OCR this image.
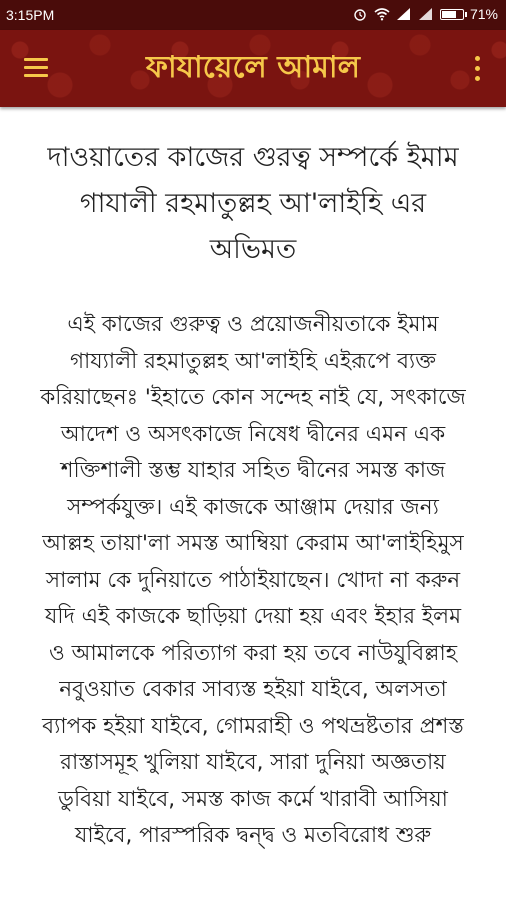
3:15PM	71%
ফাযায়েলে আমাল
দাওয়াতের কাজের গুরত্ব সম্পর্কে ইমাম গাযালী রহমাতুল্লহ আ'লাইহি এর অভিমত

এই কাজের গুরুত্ব ও প্রয়োজনীয়তাকে ইমাম গায্যালী রহমাতুল্লহ আ'লাইহি এইরূপে ব্যক্ত করিয়াছেনঃ 'ইহাতে কোন সন্দেহ নাই যে, সৎকাজে আদেশ ও অসৎকাজে নিষেধ দ্বীনের এমন এক শক্তিশালী স্তম্ভ যাহার সহিত দ্বীনের সমস্ত কাজ সম্পর্কযুক্ত। এই কাজকে আঞ্জাম দেয়ার জন্য আল্লহ তায়া'লা সমস্ত আম্বিয়া কেরাম আ'লাইহিমুস সালাম কে দুনিয়াতে পাঠাইয়াছেন। খোদা না করুন যদি এই কাজকে ছাড়িয়া দেয়া হয় এবং ইহার ইলম ও আমালকে পরিত্যাগ করা হয় তবে নাউযুবিল্লাহ নবুওয়াত বেকার সাব্যস্ত হইয়া যাইবে, অলসতা ব্যাপক হইয়া যাইবে, গোমরাহী ও পথভ্রষ্টতার প্রশস্ত রাস্তাসমূহ খুলিয়া যাইবে, সারা দুনিয়া অজ্ঞতায় ডুবিয়া যাইবে, সমস্ত কাজ কর্মে খারাবী আসিয়া যাইবে, পারস্পরিক দ্বন্দ্ব ও মতবিরোধ শুরু
